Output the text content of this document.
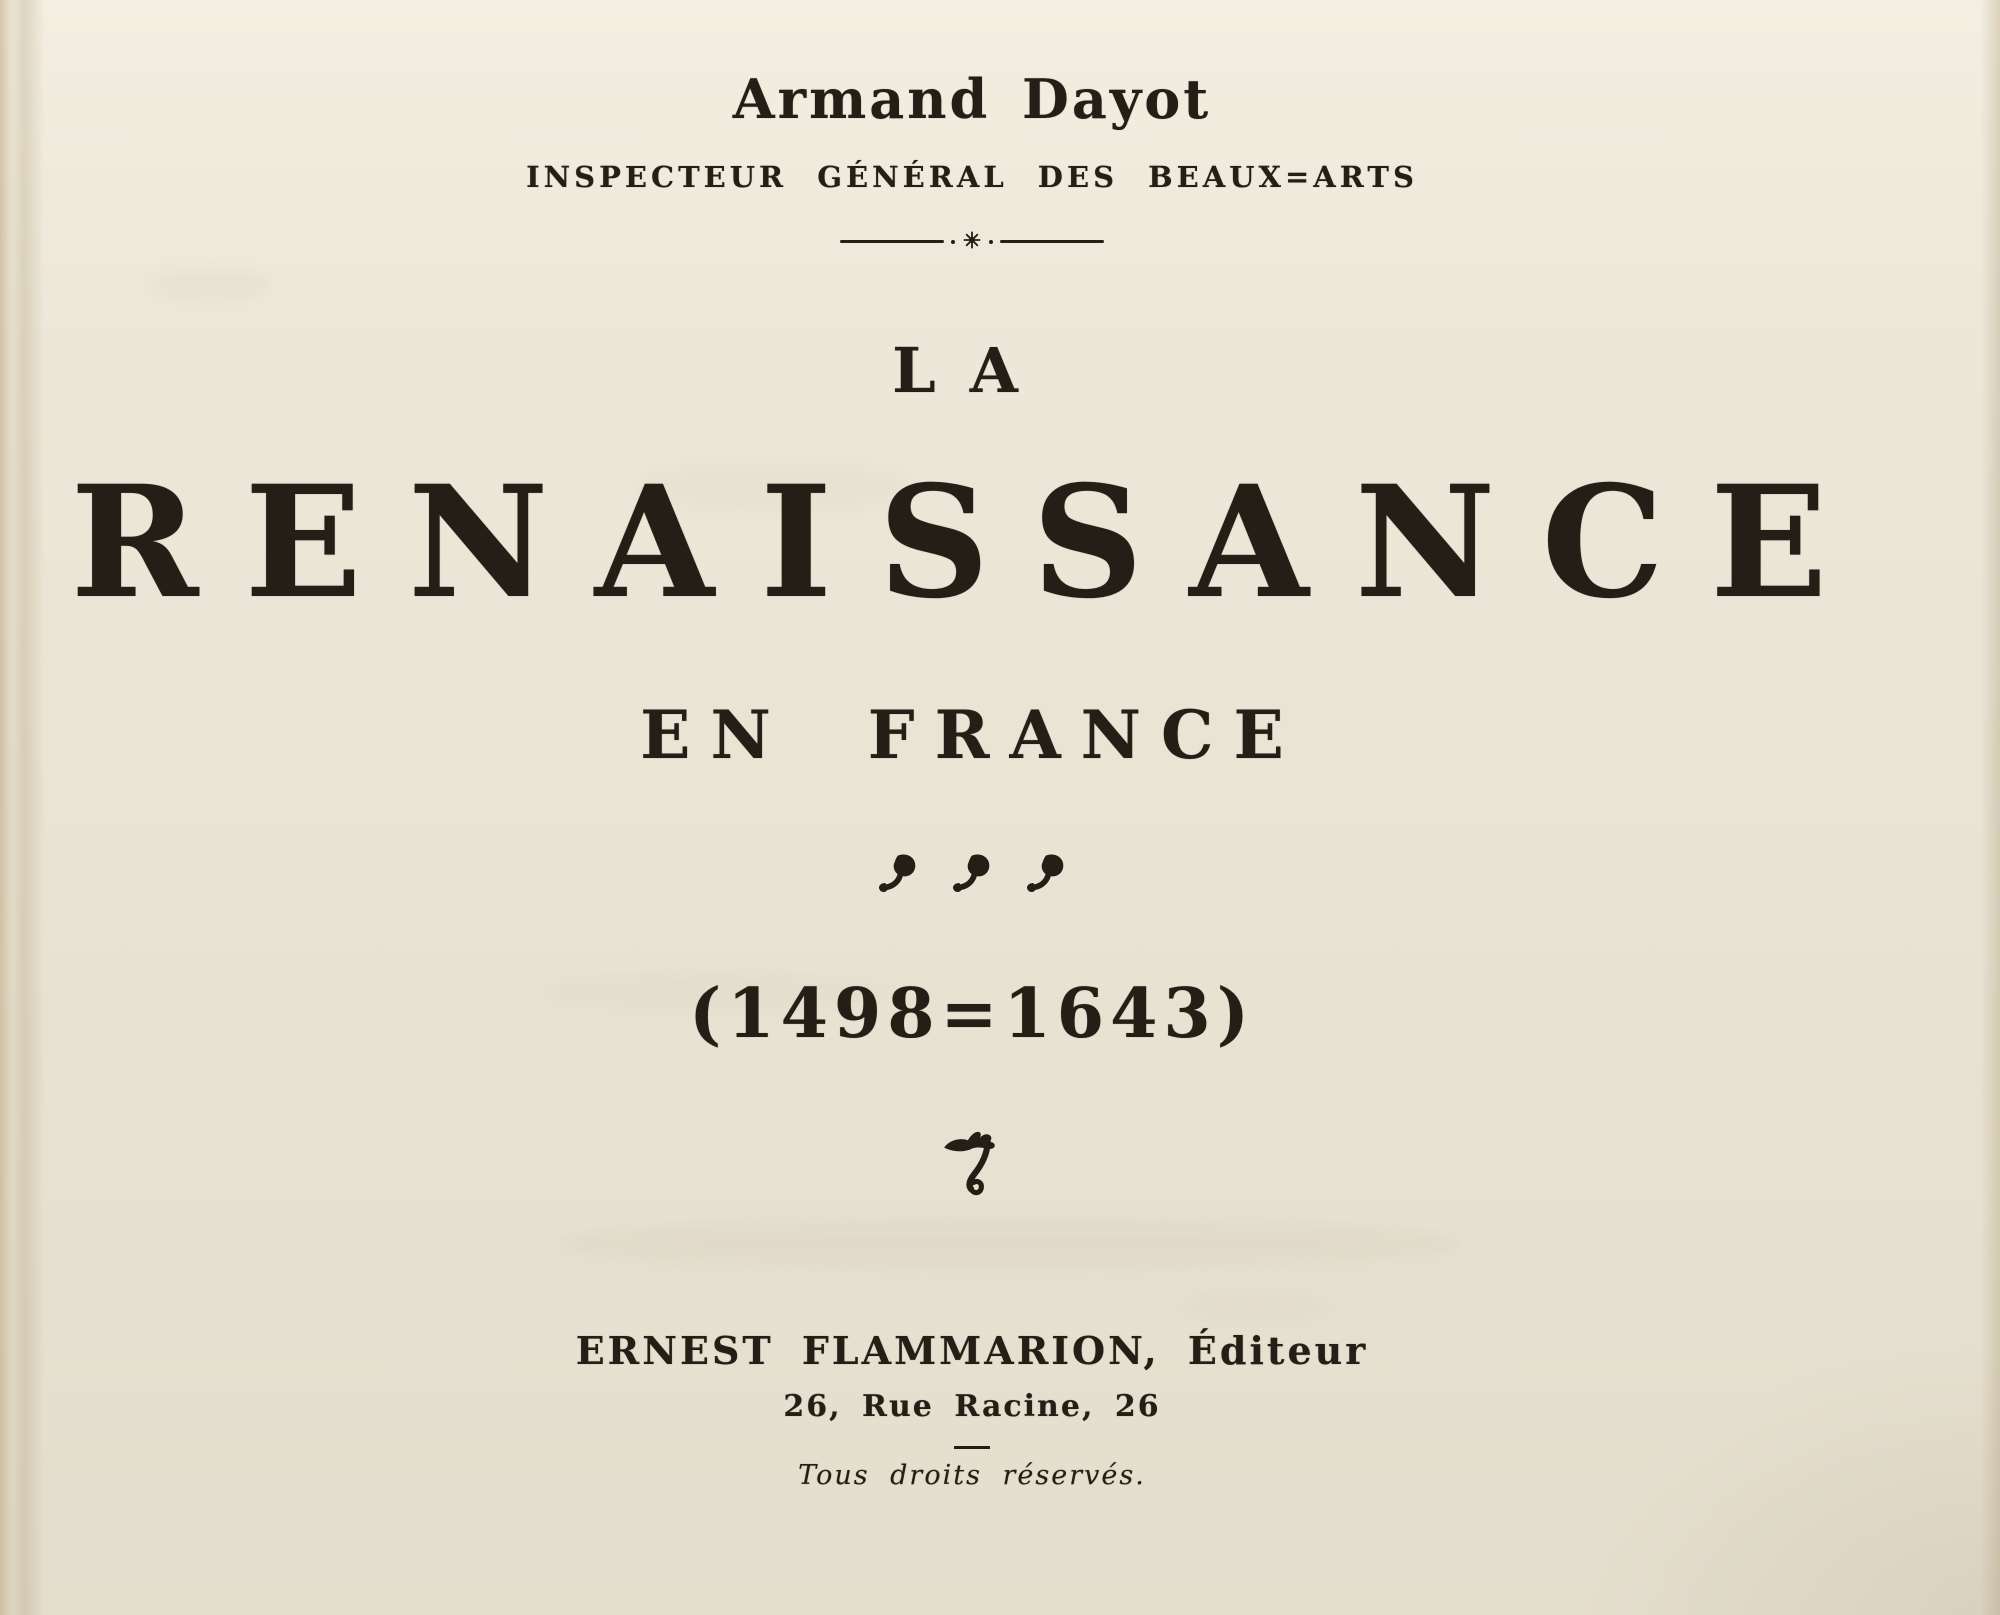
Armand Dayot
INSPECTEUR GÉNÉRAL DES BEAUX=ARTS
LA
RENAISSANCE
EN FRANCE
(1498=1643)
ERNEST FLAMMARION, Éditeur
26, Rue Racine, 26
Tous droits réservés.
